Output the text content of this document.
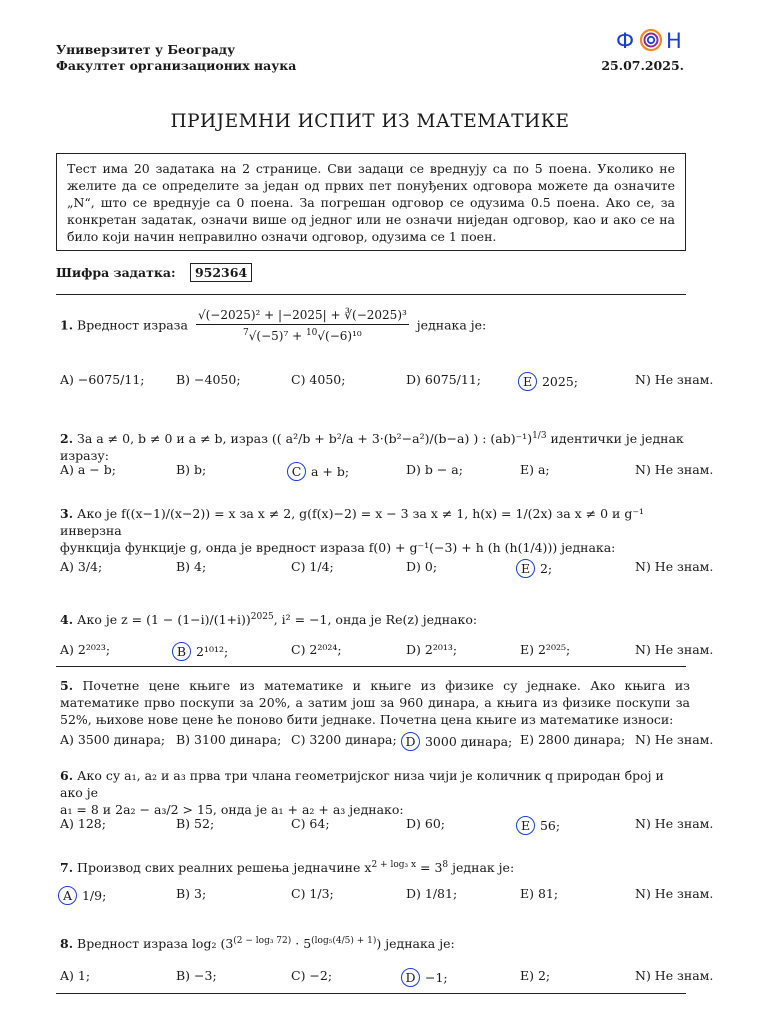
Универзитет у Београду
Факултет организационих наука
Ф Н
25.07.2025.
ПРИЈЕМНИ ИСПИТ ИЗ МАТЕМАТИКЕ
Тест има 20 задатака на 2 странице. Сви задаци се вреднују са по 5 поена. Уколико не желите да се определите за један од првих пет понуђених одговора можете да означите „N“, што се вреднује са 0 поена. За погрешан одговор се одузима 0.5 поена. Ако се, за конкретан задатак, означи више од једног или не означи ниједан одговор, као и ако се на било који начин неправилно означи одговор, одузима се 1 поен.
Шифра задатка: 952364
1. Вредност израза $\frac{\text{√(−2025)² + |−2025| + ∛(−2025)³}}{^7√(-5)^7 + ^{10}√(-6)^{10}}$ једнака је:
A) −6075/11;	B) −4050;	C) 4050;	D) 6075/11;	E 2025;	N) Не знам.
2. За a ≠ 0, b ≠ 0 и a ≠ b, израз (( a²/b + b²/a + 3·(b²−a²)/(b−a) ) : (ab)⁻¹)$^{1/3}$ идентички је једнак изразу:
A) a − b;	B) b;	C a + b;	D) b − a;	E) a;	N) Не знам.
3. Ако је f((x−1)/(x−2)) = x за x ≠ 2, g(f(x)−2) = x − 3 за x ≠ 1, h(x) = 1/(2x) за x ≠ 0 и g⁻¹ инверзна
функција функције g, онда је вредност израза f(0) + g⁻¹(−3) + h (h (h(1/4))) једнака:
A) 3/4;	B) 4;	C) 1/4;	D) 0;	E 2;	N) Не знам.
4. Ако је $z = (1 - (1-i)/(1+i))^{2025}$, i² = −1, онда је Re(z) једнако:
A) 2²⁰²³;	B 2¹⁰¹²;	C) 2²⁰²⁴;	D) 2²⁰¹³;	E) 2²⁰²⁵;	N) Не знам.
5. Почетне цене књиге из математике и књиге из физике су једнаке. Ако књига из математике прво поскупи за 20%, а затим још за 960 динара, а књига из физике поскупи за 52%, њихове нове цене ће поново бити једнаке. Почетна цена књиге из математике износи:
A) 3500 динара; B) 3100 динара; C) 3200 динара; D 3000 динара; E) 2800 динара; N) Не знам.
6. Ако су a₁, a₂ и a₃ прва три члана геометријског низа чији је количник q природан број и ако је
a₁ = 8 и 2a₂ − a₃/2 > 15, онда је a₁ + a₂ + a₃ једнако:
A) 128;	B) 52;	C) 64;	D) 60;	E 56;	N) Не знам.
7. Производ свих реалних решења једначине $x^{2 + log_3 x} = 3^8$ једнак је:
A 1/9;	B) 3;	C) 1/3;	D) 1/81;	E) 81;	N) Не знам.
8. Вредност израза log₂ $(3^{(2 - log_3 72)} \cdot 5^{(log_5(4/5) + 1)})$ једнака је:
A) 1;	B) −3;	C) −2;	D −1;	E) 2;	N) Не знам.
